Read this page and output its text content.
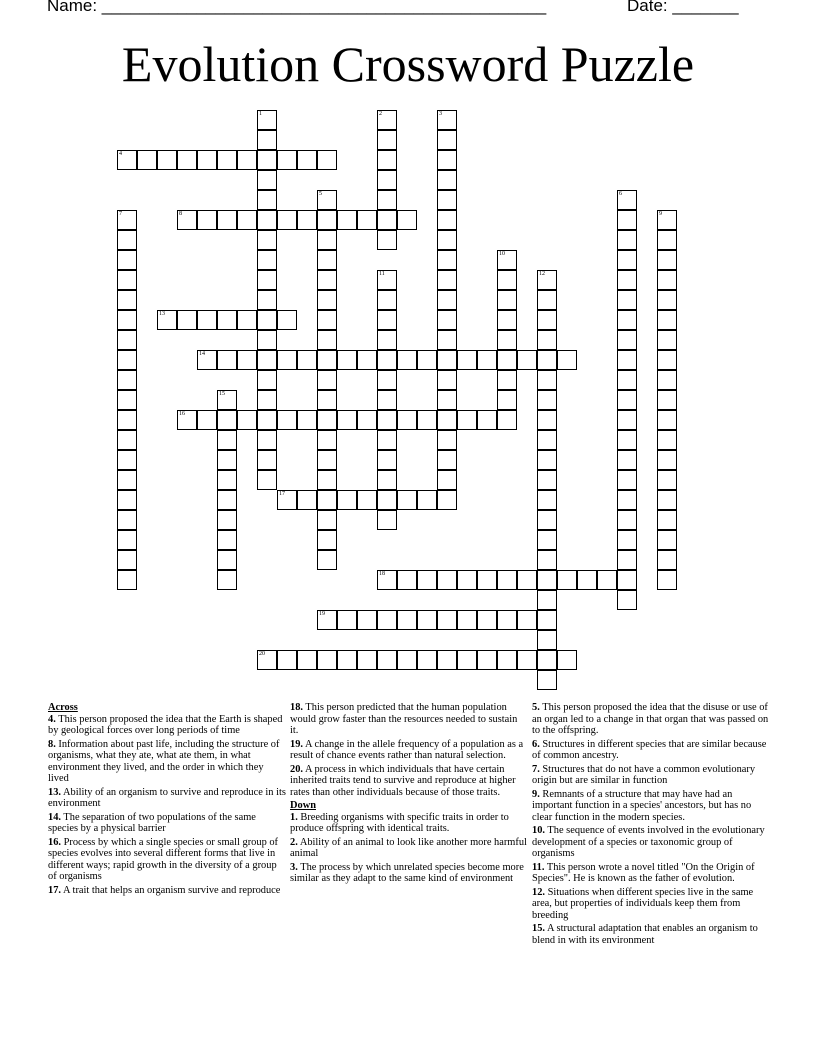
Name: _______________________________________________	Date: _______
Evolution Crossword Puzzle
1	2	3
4
5	6
7	8	9
10
11	12
13
14
15
16
17
18
19
20

Across

4. This person proposed the idea that the Earth is shaped by geological forces over long periods of time

8. Information about past life, including the structure of organisms, what they ate, what ate them, in what environment they lived, and the order in which they lived

13. Ability of an organism to survive and reproduce in its environment

14. The separation of two populations of the same species by a physical barrier

16. Process by which a single species or small group of species evolves into several different forms that live in different ways; rapid growth in the diversity of a group of organisms

17. A trait that helps an organism survive and reproduce

18. This person predicted that the human population would grow faster than the resources needed to sustain it.

19. A change in the allele frequency of a population as a result of chance events rather than natural selection.

20. A process in which individuals that have certain inherited traits tend to survive and reproduce at higher rates than other individuals because of those traits.

Down

1. Breeding organisms with specific traits in order to produce offspring with identical traits.

2. Ability of an animal to look like another more harmful animal

3. The process by which unrelated species become more similar as they adapt to the same kind of environment

5. This person proposed the idea that the disuse or use of an organ led to a change in that organ that was passed on to the offspring.

6. Structures in different species that are similar because of common ancestry.

7. Structures that do not have a common evolutionary origin but are similar in function

9. Remnants of a structure that may have had an important function in a species' ancestors, but has no clear function in the modern species.

10. The sequence of events involved in the evolutionary development of a species or taxonomic group of organisms

11. This person wrote a novel titled "On the Origin of Species". He is known as the father of evolution.

12. Situations when different species live in the same area, but properties of individuals keep them from breeding

15. A structural adaptation that enables an organism to blend in with its environment
